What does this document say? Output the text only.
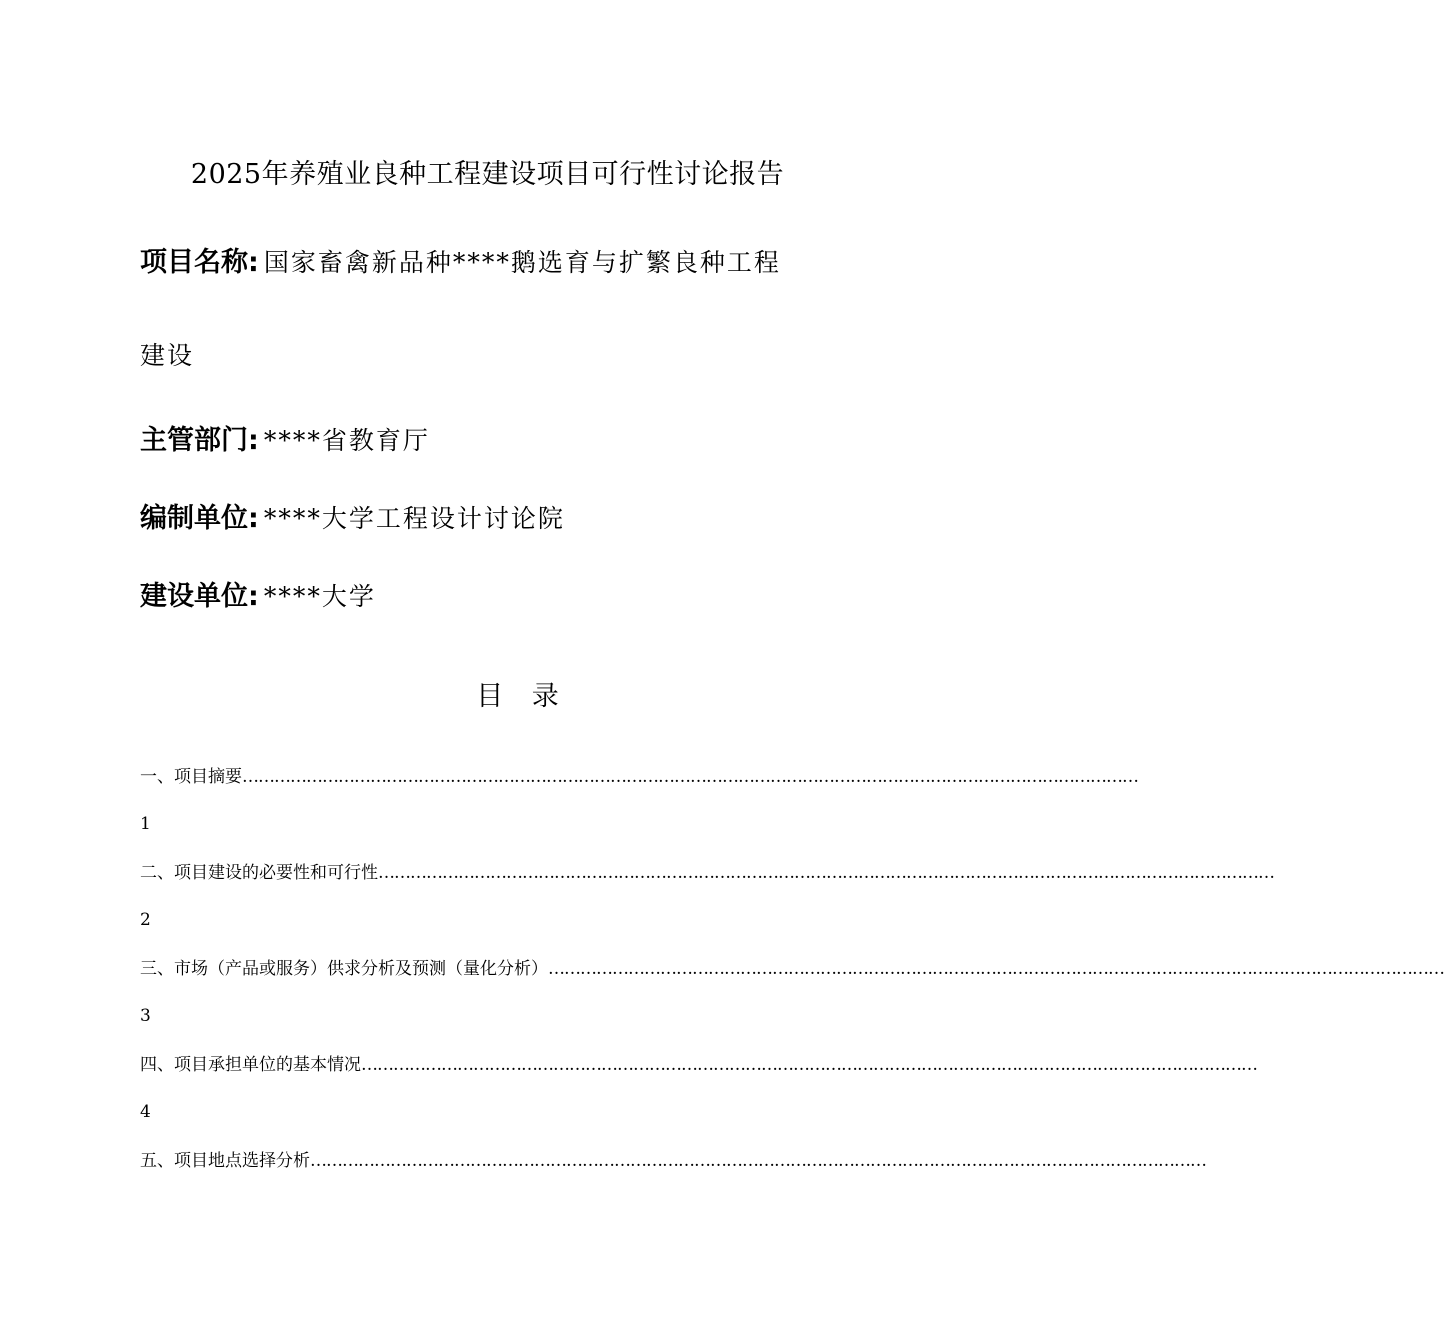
2025年养殖业良种工程建设项目可行性讨论报告
项目名称: 国家畜禽新品种****鹅选育与扩繁良种工程
建设
主管部门: ****省教育厅
编制单位: ****大学工程设计讨论院
建设单位: ****大学
目 录
一、项目摘要 ……………………………………………………………………………………………………………………………………………………
1
二、项目建设的必要性和可行性 ……………………………………………………………………………………………………………………………………………………
2
三、市场（产品或服务）供求分析及预测（量化分析） ……………………………………………………………………………………………………………………………………………………
3
四、项目承担单位的基本情况 ……………………………………………………………………………………………………………………………………………………
4
五、项目地点选择分析 ……………………………………………………………………………………………………………………………………………………
